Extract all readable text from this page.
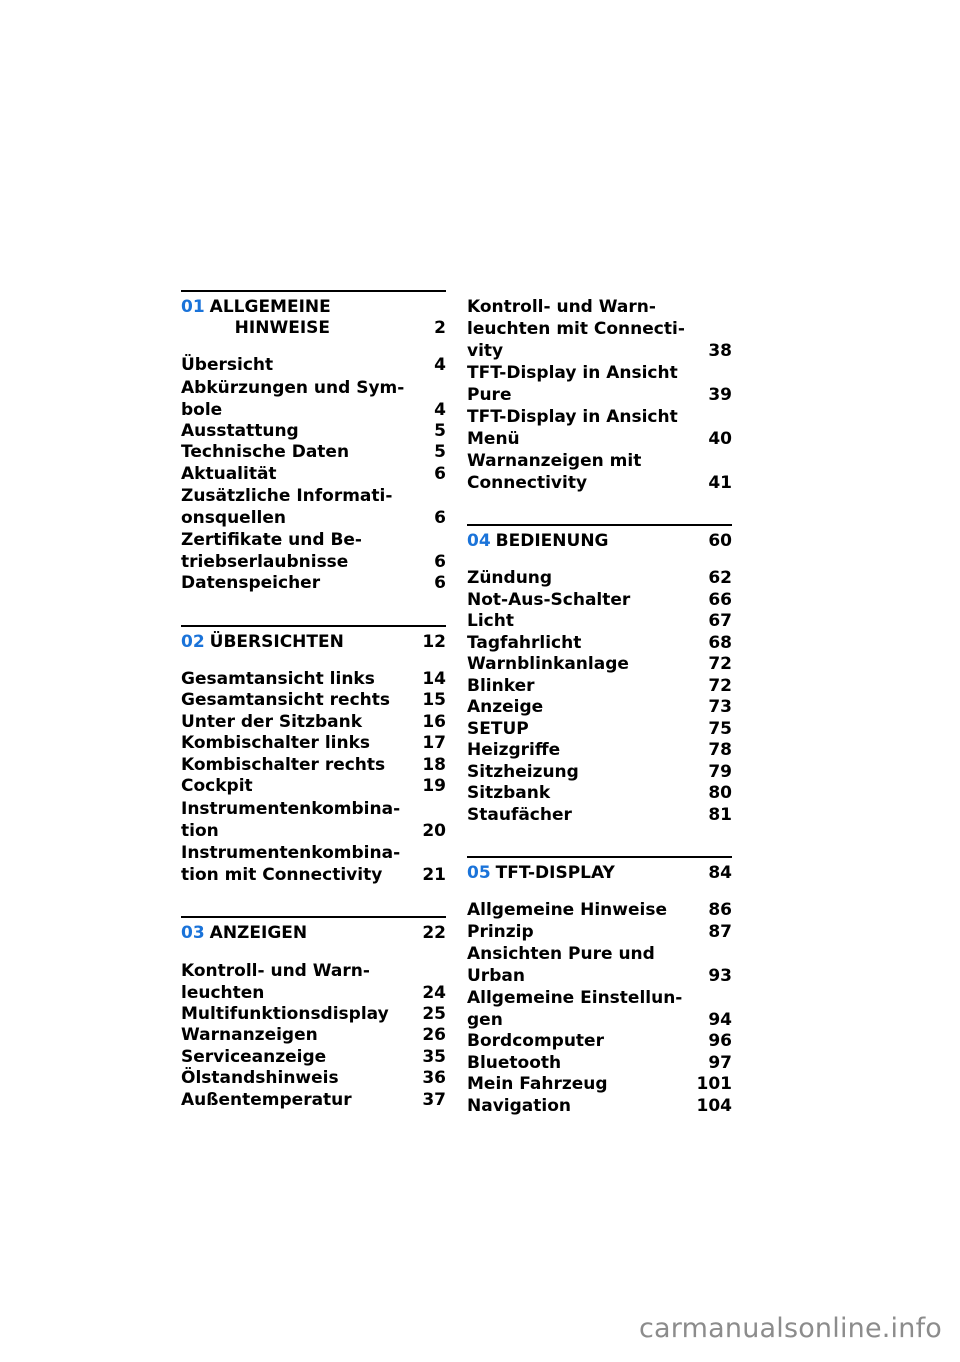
01 ALLGEMEINE
HINWEISE	2
Übersicht	4
Abkürzungen und Sym-
bole	4
Ausstattung	5
Technische Daten	5
Aktualität	6
Zusätzliche Informati-
onsquellen	6
Zertifikate und Be-
triebserlaubnisse	6
Datenspeicher	6
02 ÜBERSICHTEN	12
Gesamtansicht links	14
Gesamtansicht rechts	15
Unter der Sitzbank	16
Kombischalter links	17
Kombischalter rechts	18
Cockpit	19
Instrumentenkombina-
tion	20
Instrumentenkombina-
tion mit Connectivity	21
03 ANZEIGEN	22
Kontroll- und Warn-
leuchten	24
Multifunktionsdisplay	25
Warnanzeigen	26
Serviceanzeige	35
Ölstandshinweis	36
Außentemperatur	37
Kontroll- und Warn-
leuchten mit Connecti-
vity	38
TFT-Display in Ansicht
Pure	39
TFT-Display in Ansicht
Menü	40
Warnanzeigen mit
Connectivity	41
04 BEDIENUNG	60
Zündung	62
Not-Aus-Schalter	66
Licht	67
Tagfahrlicht	68
Warnblinkanlage	72
Blinker	72
Anzeige	73
SETUP	75
Heizgriffe	78
Sitzheizung	79
Sitzbank	80
Staufächer	81
05 TFT-DISPLAY	84
Allgemeine Hinweise	86
Prinzip	87
Ansichten Pure und
Urban	93
Allgemeine Einstellun-
gen	94
Bordcomputer	96
Bluetooth	97
Mein Fahrzeug	101
Navigation	104
carmanualsonline.info
